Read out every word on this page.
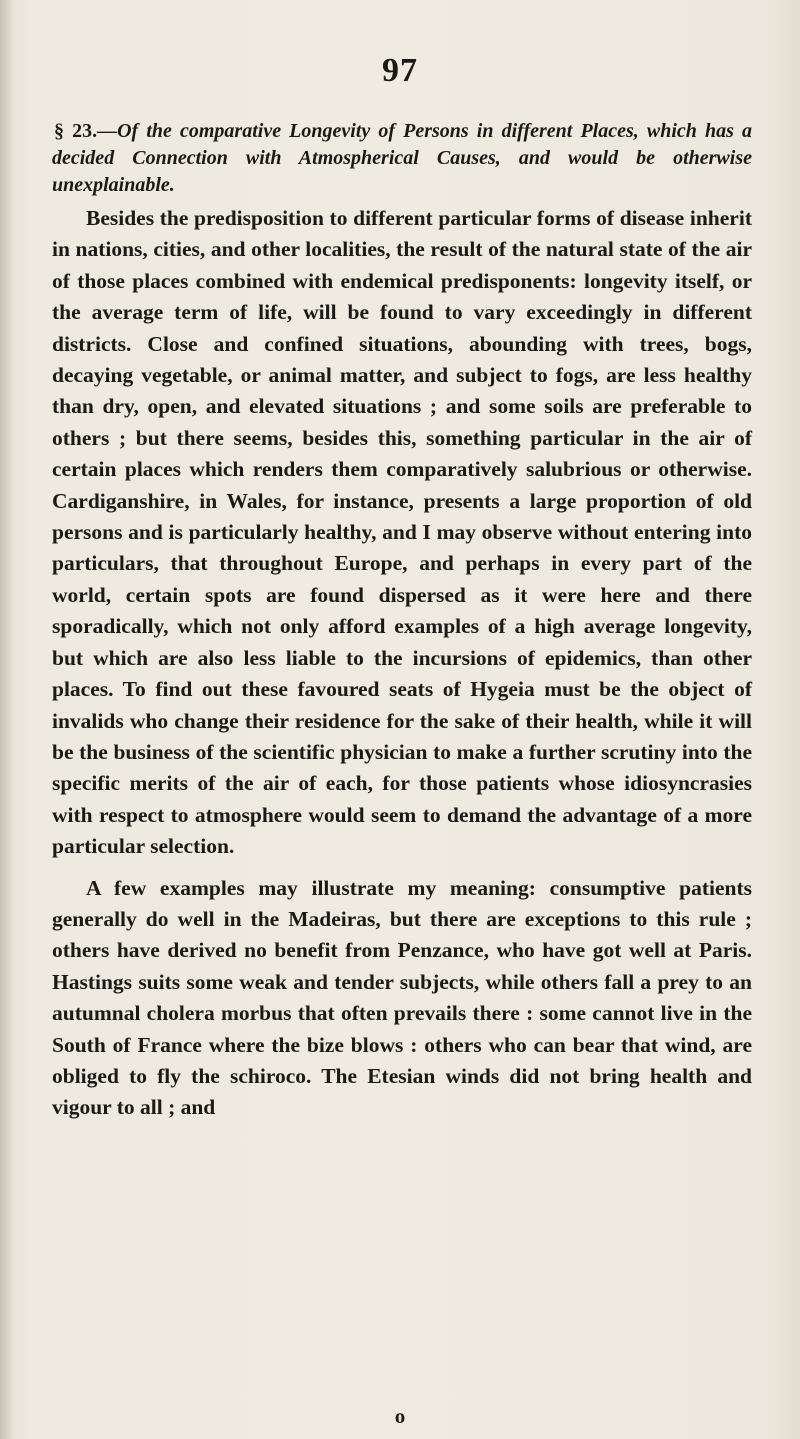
97

§ 23.—Of the comparative Longevity of Persons in different Places, which has a decided Connection with Atmospherical Causes, and would be otherwise unexplainable.

Besides the predisposition to different particular forms of disease inherit in nations, cities, and other localities, the result of the natural state of the air of those places combined with endemical predisponents: longevity itself, or the average term of life, will be found to vary exceedingly in different districts. Close and confined situations, abounding with trees, bogs, decaying vegetable, or animal matter, and subject to fogs, are less healthy than dry, open, and elevated situations ; and some soils are preferable to others ; but there seems, besides this, something particular in the air of certain places which renders them comparatively salubrious or otherwise. Cardiganshire, in Wales, for instance, presents a large proportion of old persons and is particularly healthy, and I may observe without entering into particulars, that throughout Europe, and perhaps in every part of the world, certain spots are found dispersed as it were here and there sporadically, which not only afford examples of a high average longevity, but which are also less liable to the incursions of epidemics, than other places. To find out these favoured seats of Hygeia must be the object of invalids who change their residence for the sake of their health, while it will be the business of the scientific physician to make a further scrutiny into the specific merits of the air of each, for those patients whose idiosyncrasies with respect to atmosphere would seem to demand the advantage of a more particular selection.

A few examples may illustrate my meaning: consumptive patients generally do well in the Madeiras, but there are exceptions to this rule ; others have derived no benefit from Penzance, who have got well at Paris. Hastings suits some weak and tender subjects, while others fall a prey to an autumnal cholera morbus that often prevails there : some cannot live in the South of France where the bize blows : others who can bear that wind, are obliged to fly the schiroco. The Etesian winds did not bring health and vigour to all ; and

o
